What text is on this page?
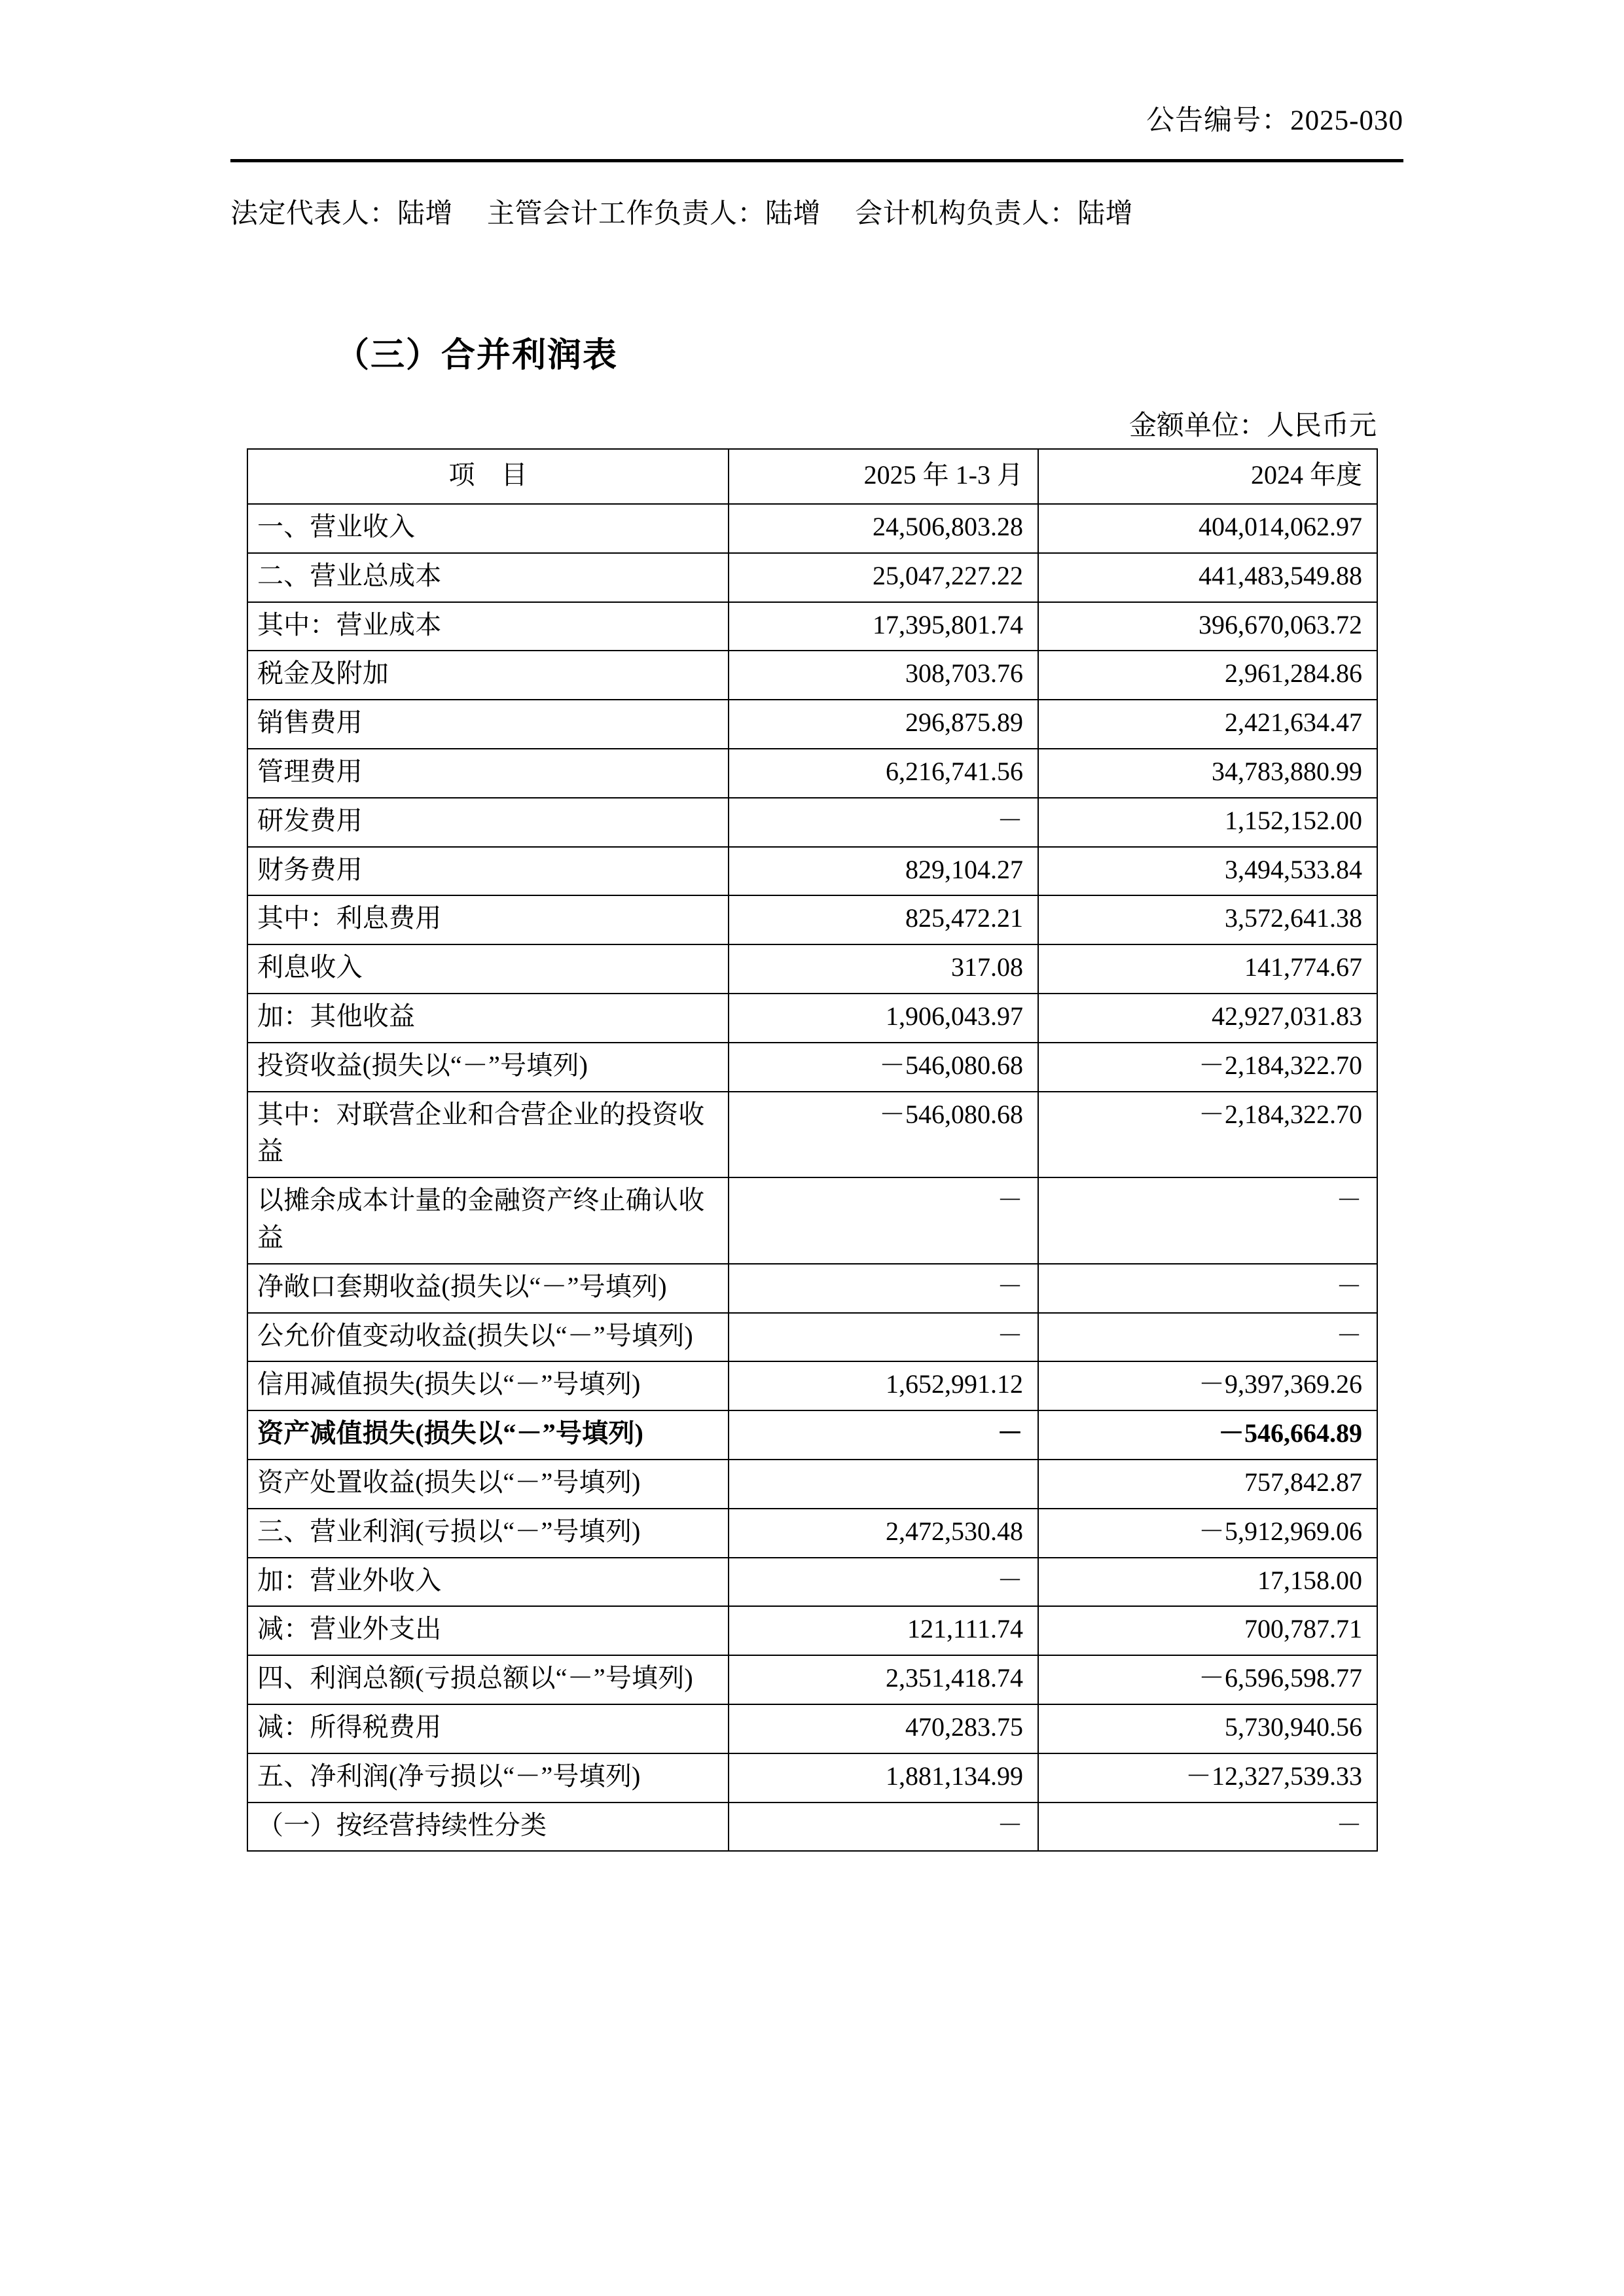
公告编号：2025-030
法定代表人：陆增 主管会计工作负责人：陆增 会计机构负责人：陆增
（三）合并利润表
金额单位：人民币元
项　目	2025 年 1-3 月	2024 年度
一、营业收入	24,506,803.28	404,014,062.97
二、营业总成本	25,047,227.22	441,483,549.88
其中：营业成本	17,395,801.74	396,670,063.72
税金及附加	308,703.76	2,961,284.86
销售费用	296,875.89	2,421,634.47
管理费用	6,216,741.56	34,783,880.99
研发费用	－	1,152,152.00
财务费用	829,104.27	3,494,533.84
其中：利息费用	825,472.21	3,572,641.38
利息收入	317.08	141,774.67
加：其他收益	1,906,043.97	42,927,031.83
投资收益(损失以“－”号填列)	－546,080.68	－2,184,322.70
其中：对联营企业和合营企业的投资收益	－546,080.68	－2,184,322.70
以摊余成本计量的金融资产终止确认收益	－	－
净敞口套期收益(损失以“－”号填列)	－	－
公允价值变动收益(损失以“－”号填列)	－	－
信用减值损失(损失以“－”号填列)	1,652,991.12	－9,397,369.26
资产减值损失(损失以“－”号填列)	－	－546,664.89
资产处置收益(损失以“－”号填列)		757,842.87
三、营业利润(亏损以“－”号填列)	2,472,530.48	－5,912,969.06
加：营业外收入	－	17,158.00
减：营业外支出	121,111.74	700,787.71
四、利润总额(亏损总额以“－”号填列)	2,351,418.74	－6,596,598.77
减：所得税费用	470,283.75	5,730,940.56
五、净利润(净亏损以“－”号填列)	1,881,134.99	－12,327,539.33
（一）按经营持续性分类	－	－
